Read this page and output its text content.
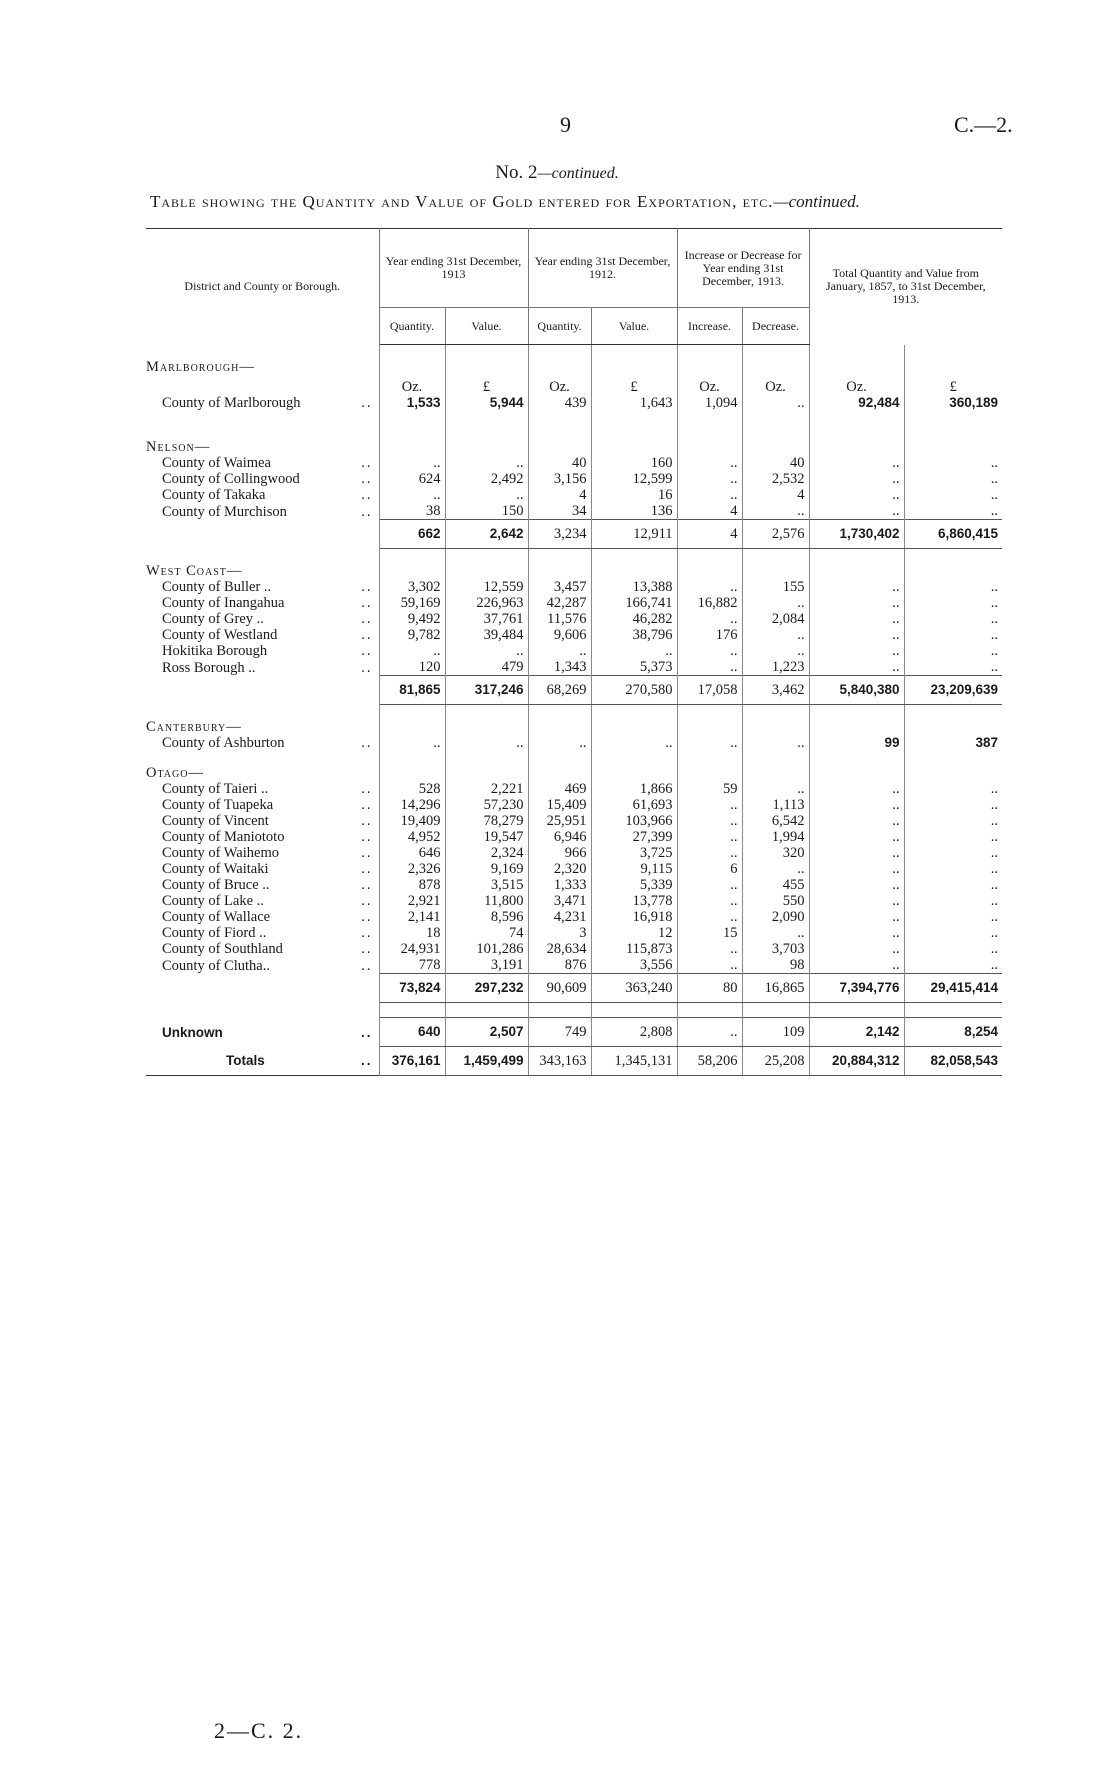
9	C.—2.
No. 2—continued.
Table showing the Quantity and Value of Gold entered for Exportation, etc.—continued.
District and County or Borough.	Year ending 31st December, 1913		Year ending 31st December, 1912.		Increase or Decrease for Year ending 31st December, 1913.		Total Quantity and Value from January, 1857, to 31st December, 1913.	
	Quantity.	Value.	Quantity.	Value.	Increase.	Decrease.		

Marlborough—								
	Oz.	£	Oz.	£	Oz.	Oz.	Oz.	£
County of Marlborough ..	1,533	5,944	439	1,643	1,094	..	92,484	360,189

Nelson—								
County of Waimea ..	..	..	40	160	..	40	..	..
County of Collingwood ..	624	2,492	3,156	12,599	..	2,532	..	..
County of Takaka ..	..	..	4	16	..	4	..	..
County of Murchison ..	38	150	34	136	4	..	..	..
	662	2,642	3,234	12,911	4	2,576	1,730,402	6,860,415

West Coast—								
County of Buller .. ..	3,302	12,559	3,457	13,388	..	155	..	..
County of Inangahua ..	59,169	226,963	42,287	166,741	16,882	..	..	..
County of Grey .. ..	9,492	37,761	11,576	46,282	..	2,084	..	..
County of Westland ..	9,782	39,484	9,606	38,796	176	..	..	..
Hokitika Borough ..	..	..	..	..	..	..	..	..
Ross Borough .. ..	120	479	1,343	5,373	..	1,223	..	..
	81,865	317,246	68,269	270,580	17,058	3,462	5,840,380	23,209,639

Canterbury—								
County of Ashburton ..	..	..	..	..	..	..	99	387

Otago—								
County of Taieri .. ..	528	2,221	469	1,866	59	..	..	..
County of Tuapeka ..	14,296	57,230	15,409	61,693	..	1,113	..	..
County of Vincent ..	19,409	78,279	25,951	103,966	..	6,542	..	..
County of Maniototo ..	4,952	19,547	6,946	27,399	..	1,994	..	..
County of Waihemo ..	646	2,324	966	3,725	..	320	..	..
County of Waitaki ..	2,326	9,169	2,320	9,115	6	..	..	..
County of Bruce .. ..	878	3,515	1,333	5,339	..	455	..	..
County of Lake .. ..	2,921	11,800	3,471	13,778	..	550	..	..
County of Wallace ..	2,141	8,596	4,231	16,918	..	2,090	..	..
County of Fiord .. ..	18	74	3	12	15	..	..	..
County of Southland ..	24,931	101,286	28,634	115,873	..	3,703	..	..
County of Clutha.. ..	778	3,191	876	3,556	..	98	..	..
	73,824	297,232	90,609	363,240	80	16,865	7,394,776	29,415,414

Unknown ..	640	2,507	749	2,808	..	109	2,142	8,254
Totals ..	376,161	1,459,499	343,163	1,345,131	58,206	25,208	20,884,312	82,058,543
2—C. 2.
